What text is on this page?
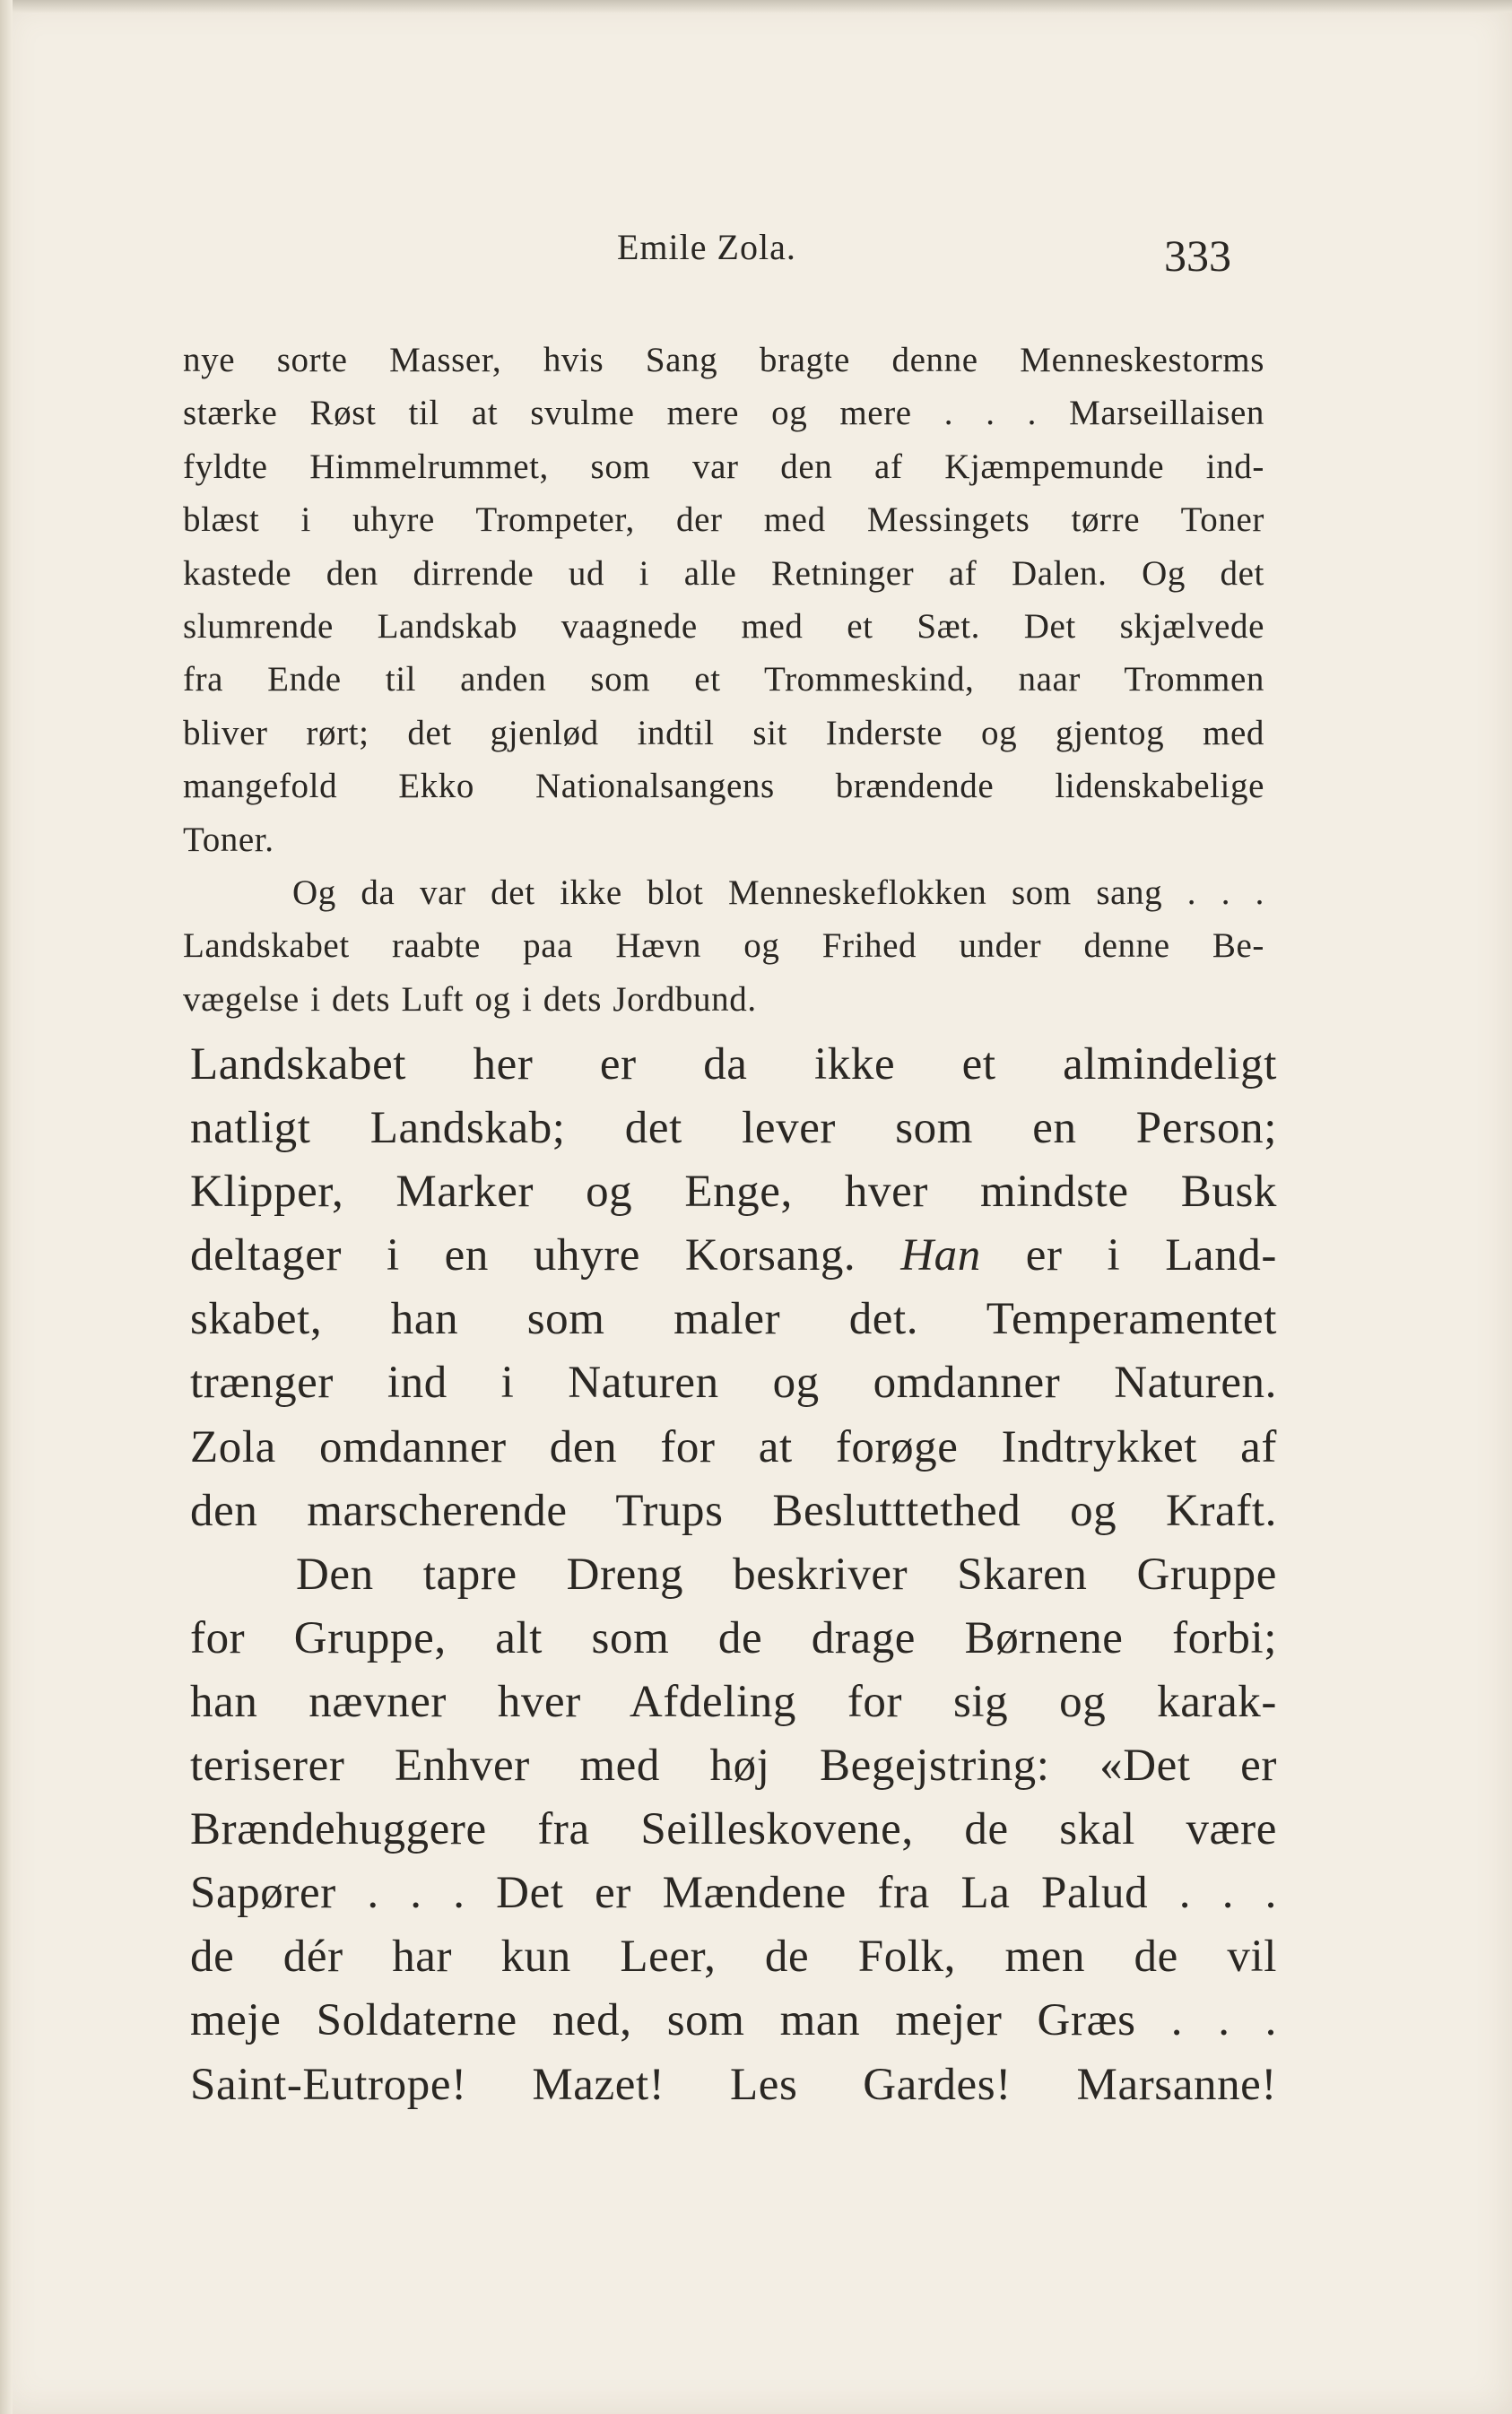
Emile Zola.	333
nye sorte Masser, hvis Sang bragte denne Menneskestorms
stærke Røst til at svulme mere og mere . . . Marseillaisen
fyldte Himmelrummet, som var den af Kjæmpemunde ind-
blæst i uhyre Trompeter, der med Messingets tørre Toner
kastede den dirrende ud i alle Retninger af Dalen. Og det
slumrende Landskab vaagnede med et Sæt. Det skjælvede
fra Ende til anden som et Trommeskind, naar Trommen
bliver rørt; det gjenlød indtil sit Inderste og gjentog med
mangefold Ekko Nationalsangens brændende lidenskabelige
Toner.
Og da var det ikke blot Menneskeflokken som sang . . .
Landskabet raabte paa Hævn og Frihed under denne Be-
vægelse i dets Luft og i dets Jordbund.
Landskabet her er da ikke et almindeligt
natligt Landskab; det lever som en Person;
Klipper, Marker og Enge, hver mindste Busk
deltager i en uhyre Korsang. Han er i Land-
skabet, han som maler det. Temperamentet
trænger ind i Naturen og omdanner Naturen.
Zola omdanner den for at forøge Indtrykket af
den marscherende Trups Beslutttethed og Kraft.
Den tapre Dreng beskriver Skaren Gruppe
for Gruppe, alt som de drage Børnene forbi;
han nævner hver Afdeling for sig og karak-
teriserer Enhver med høj Begejstring: «Det er
Brændehuggere fra Seilleskovene, de skal være
Sapører . . . Det er Mændene fra La Palud . . .
de dér har kun Leer, de Folk, men de vil
meje Soldaterne ned, som man mejer Græs . . .
Saint-Eutrope! Mazet! Les Gardes! Marsanne!
